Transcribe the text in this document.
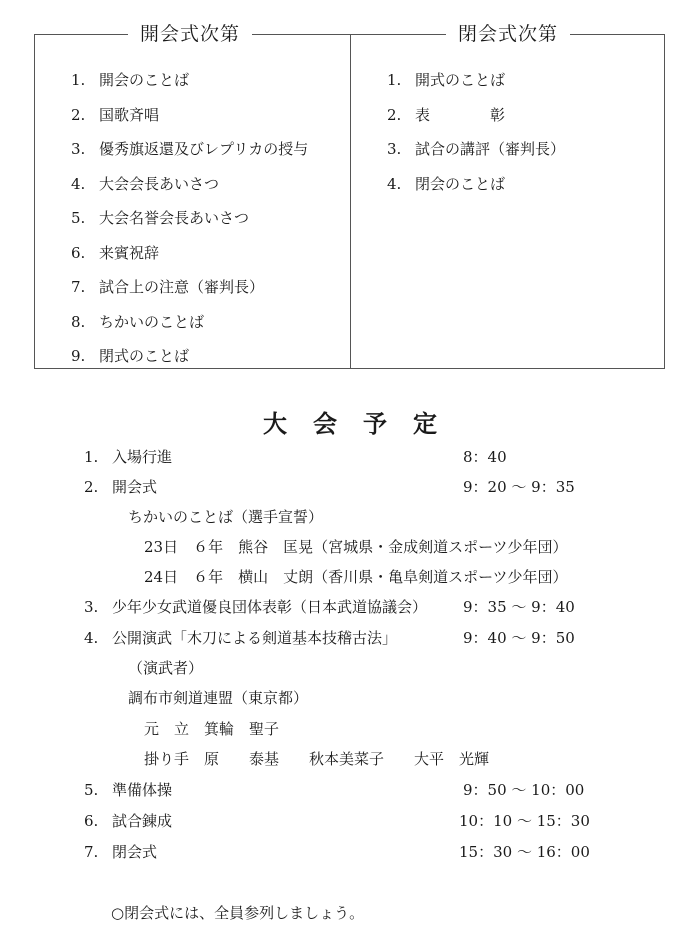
開会式次第	閉会式次第
1. 開会のことば
2. 国歌斉唱
3. 優秀旗返還及びレプリカの授与
4. 大会会長あいさつ
5. 大会名誉会長あいさつ
6. 来賓祝辞
7. 試合上の注意（審判長）
8. ちかいのことば
9. 閉式のことば
1. 開式のことば
2. 表　　　　彰
3. 試合の講評（審判長）
4. 閉会のことば
大会予定
1. 入場行進	8：40
2. 開会式	9：20 ～ 9：35
ちかいのことば（選手宣誓）
23日　６年　熊谷　匡晃（宮城県・金成剣道スポーツ少年団）
24日　６年　横山　丈朗（香川県・亀阜剣道スポーツ少年団）
3. 少年少女武道優良団体表彰（日本武道協議会） 9：35 ～ 9：40
4. 公開演武「木刀による剣道基本技稽古法」	9：40 ～ 9：50
（演武者）
調布市剣道連盟（東京都）
元　立　箕輪　聖子
掛り手　原　　泰基　　秋本美菜子　　大平　光輝
5. 準備体操	9：50 ～ 10：00
6. 試合錬成	10：10 ～ 15：30
7. 閉会式	15：30 ～ 16：00
○閉会式には、全員参列しましょう。
